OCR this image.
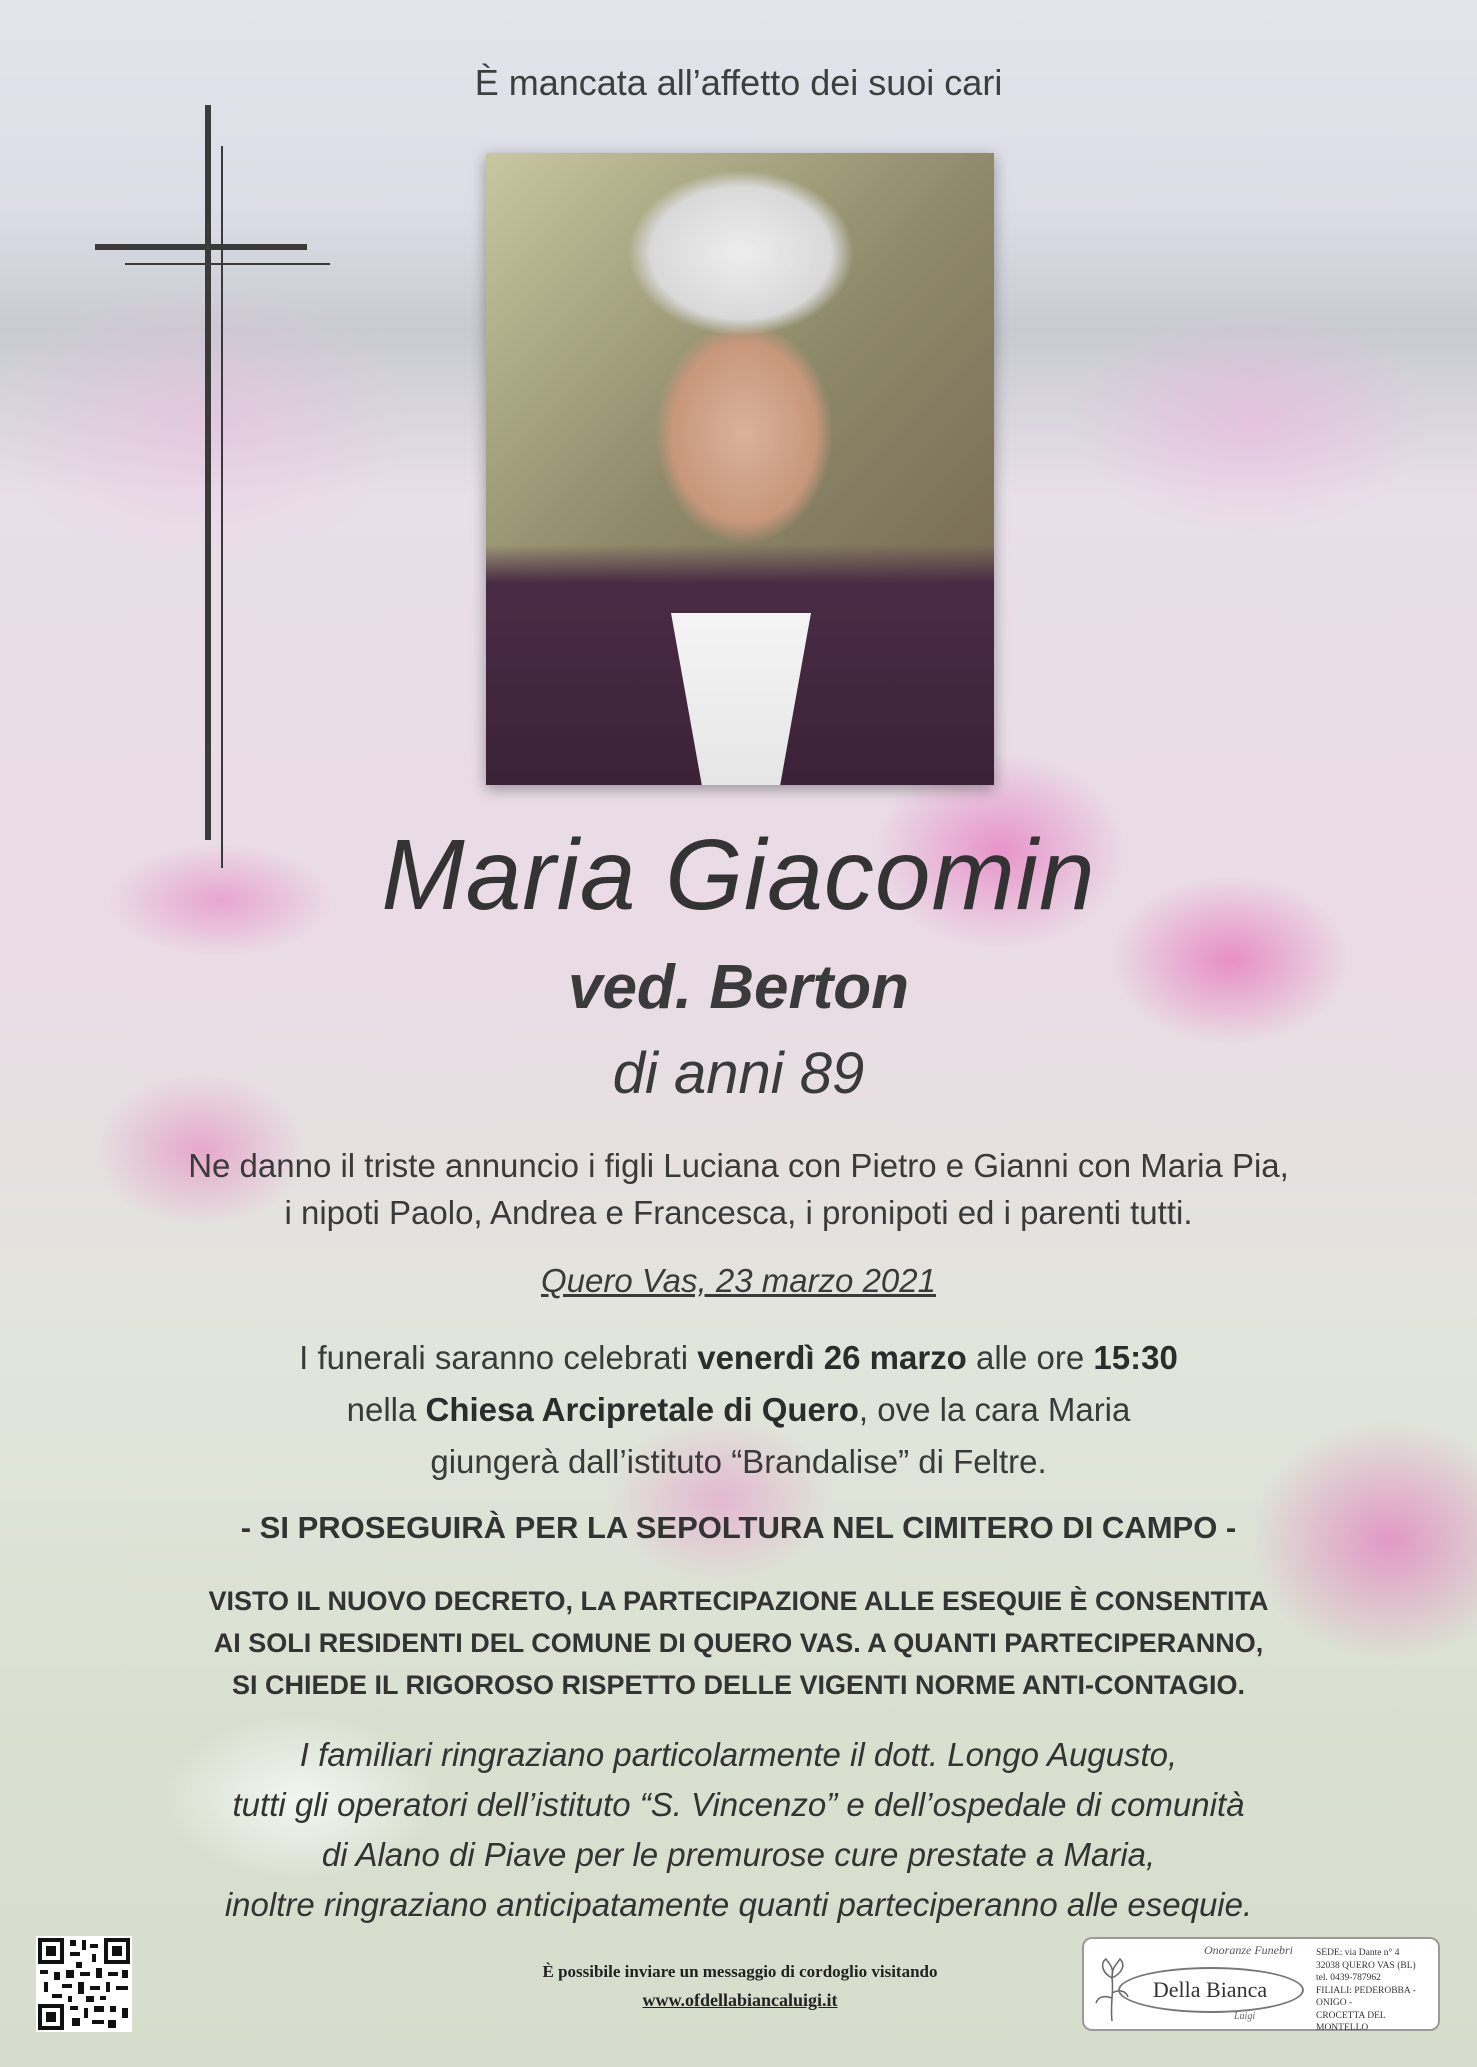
È mancata all’affetto dei suoi cari
Maria Giacomin
ved. Berton
di anni 89
Ne danno il triste annuncio i figli Luciana con Pietro e Gianni con Maria Pia,
i nipoti Paolo, Andrea e Francesca, i pronipoti ed i parenti tutti.
Quero Vas, 23 marzo 2021
I funerali saranno celebrati venerdì 26 marzo alle ore 15:30
nella Chiesa Arcipretale di Quero, ove la cara Maria
giungerà dall’istituto “Brandalise” di Feltre.
- SI PROSEGUIRÀ PER LA SEPOLTURA NEL CIMITERO DI CAMPO -
VISTO IL NUOVO DECRETO, LA PARTECIPAZIONE ALLE ESEQUIE È CONSENTITA
AI SOLI RESIDENTI DEL COMUNE DI QUERO VAS. A QUANTI PARTECIPERANNO,
SI CHIEDE IL RIGOROSO RISPETTO DELLE VIGENTI NORME ANTI-CONTAGIO.
I familiari ringraziano particolarmente il dott. Longo Augusto,
tutti gli operatori dell’istituto “S. Vincenzo” e dell’ospedale di comunità
di Alano di Piave per le premurose cure prestate a Maria,
inoltre ringraziano anticipatamente quanti parteciperanno alle esequie.
È possibile inviare un messaggio di cordoglio visitando
www.ofdellabiancaluigi.it
Onoranze Funebri
Della Bianca
Luigi
SEDE: via Dante n° 4
32038 QUERO VAS (BL)
tel. 0439-787962
FILIALI: PEDEROBBA - ONIGO -
CROCETTA DEL MONTELLO
